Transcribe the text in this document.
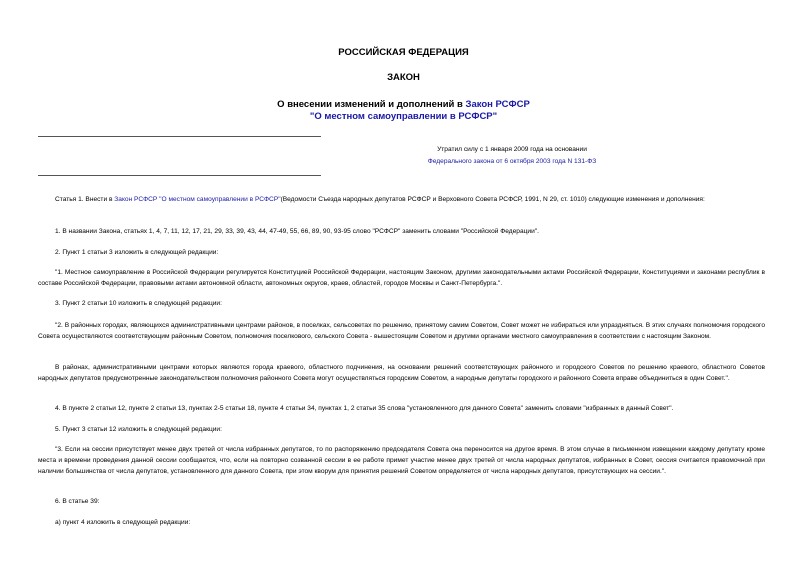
РОССИЙСКАЯ ФЕДЕРАЦИЯ
ЗАКОН
О внесении изменений и дополнений в Закон РСФСР
"О местном самоуправлении в РСФСР"
Утратил силу с 1 января 2009 года на основании
Федерального закона от 6 октября 2003 года N 131-ФЗ
Статья 1. Внести в Закон РСФСР "О местном самоуправлении в РСФСР"(Ведомости Съезда народных депутатов РСФСР и Верховного Совета РСФСР, 1991, N 29, ст. 1010) следующие изменения и дополнения:
1. В названии Закона, статьях 1, 4, 7, 11, 12, 17, 21, 29, 33, 39, 43, 44, 47-49, 55, 66, 89, 90, 93-95 слово "РСФСР" заменить словами "Российской Федерации".
2. Пункт 1 статьи 3 изложить в следующей редакции:
"1. Местное самоуправление в Российской Федерации регулируется Конституцией Российской Федерации, настоящим Законом, другими законодательными актами Российской Федерации, Конституциями и законами республик в составе Российской Федерации, правовыми актами автономной области, автономных округов, краев, областей, городов Москвы и Санкт-Петербурга.".
3. Пункт 2 статьи 10 изложить в следующей редакции:
"2. В районных городах, являющихся административными центрами районов, в поселках, сельсоветах по решению, принятому самим Советом, Совет может не избираться или упраздняться. В этих случаях полномочия городского Совета осуществляются соответствующим районным Советом, полномочия поселкового, сельского Совета - вышестоящим Советом и другими органами местного самоуправления в соответствии с настоящим Законом.
В районах, административными центрами которых являются города краевого, областного подчинения, на основании решений соответствующих районного и городского Советов по решению краевого, областного Советов народных депутатов предусмотренные законодательством полномочия районного Совета могут осуществляться городским Советом, а народные депутаты городского и районного Совета вправе объединиться в один Совет.".
4. В пункте 2 статьи 12, пункте 2 статьи 13, пунктах 2-5 статьи 18, пункте 4 статьи 34, пунктах 1, 2 статьи 35 слова "установленного для данного Совета" заменить словами "избранных в данный Совет".
5. Пункт 3 статьи 12 изложить в следующей редакции:
"3. Если на сессии присутствует менее двух третей от числа избранных депутатов, то по распоряжению председателя Совета она переносится на другое время. В этом случае в письменном извещении каждому депутату кроме места и времени проведения данной сессии сообщается, что, если на повторно созванной сессии в ее работе примет участие менее двух третей от числа народных депутатов, избранных в Совет, сессия считается правомочной при наличии большинства от числа депутатов, установленного для данного Совета, при этом кворум для принятия решений Советом определяется от числа народных депутатов, присутствующих на сессии.".
6. В статье 39:
а) пункт 4 изложить в следующей редакции:
